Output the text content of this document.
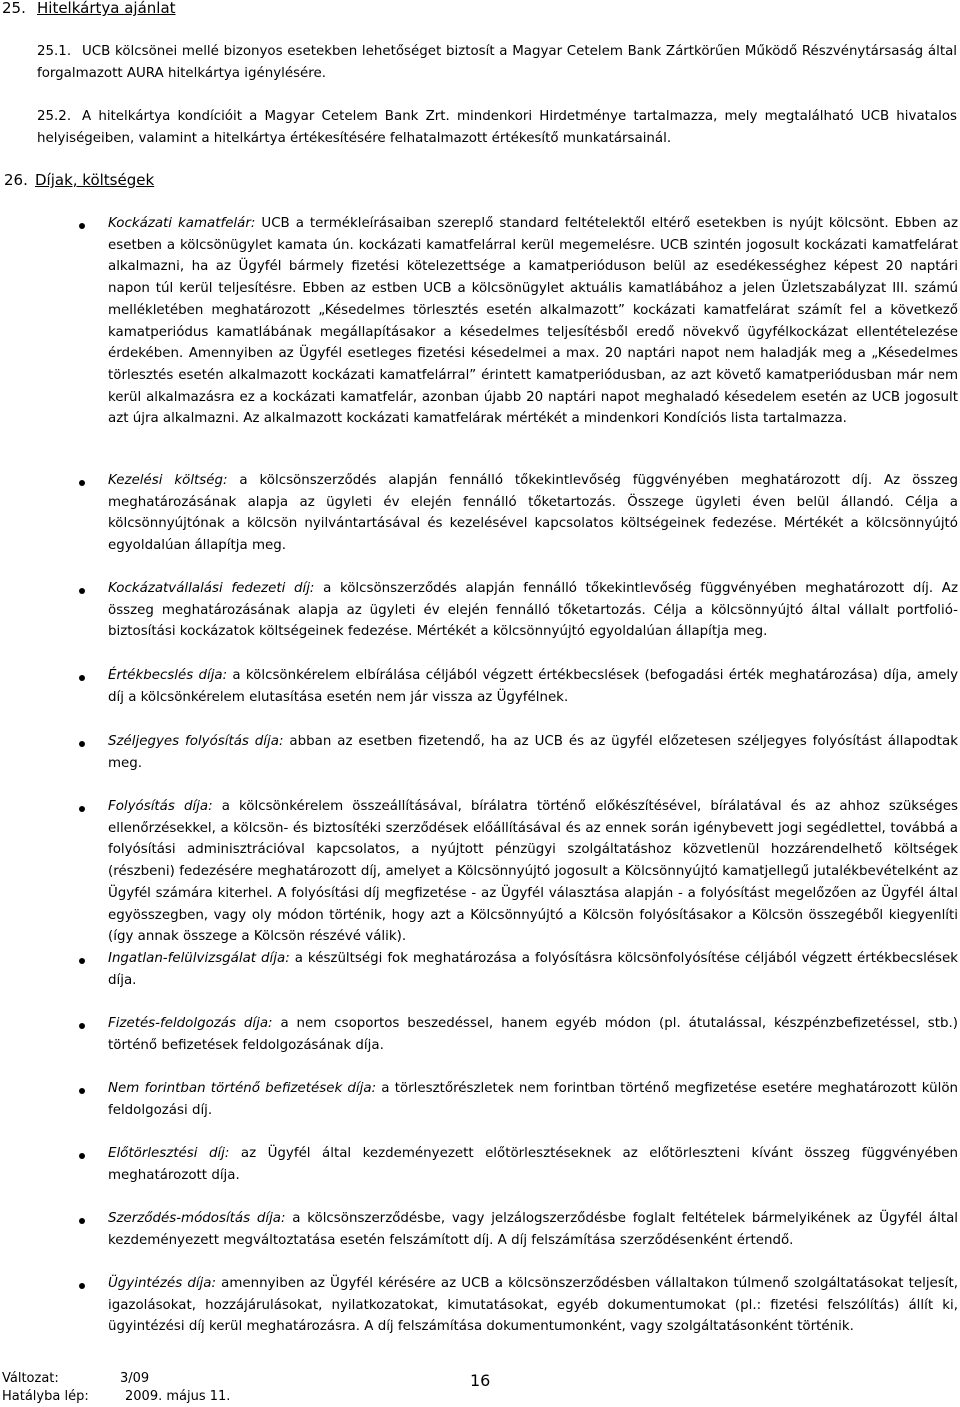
25. Hitelkártya ajánlat
25.1. UCB kölcsönei mellé bizonyos esetekben lehetőséget biztosít a Magyar Cetelem Bank Zártkörűen Működő Részvénytársaság által forgalmazott AURA hitelkártya igénylésére.
25.2. A hitelkártya kondícióit a Magyar Cetelem Bank Zrt. mindenkori Hirdetménye tartalmazza, mely megtalálható UCB hivatalos helyiségeiben, valamint a hitelkártya értékesítésére felhatalmazott értékesítő munkatársainál.
26. Díjak, költségek
Kockázati kamatfelár: UCB a termékleírásaiban szereplő standard feltételektől eltérő esetekben is nyújt kölcsönt. Ebben az esetben a kölcsönügylet kamata ún. kockázati kamatfelárral kerül megemelésre. UCB szintén jogosult kockázati kamatfelárat alkalmazni, ha az Ügyfél bármely fizetési kötelezettsége a kamatperióduson belül az esedékességhez képest 20 naptári napon túl kerül teljesítésre. Ebben az estben UCB a kölcsönügylet aktuális kamatlábához a jelen Üzletszabályzat III. számú mellékletében meghatározott „Késedelmes törlesztés esetén alkalmazott” kockázati kamatfelárat számít fel a következő kamatperiódus kamatlábának megállapításakor a késedelmes teljesítésből eredő növekvő ügyfélkockázat ellentételezése érdekében. Amennyiben az Ügyfél esetleges fizetési késedelmei a max. 20 naptári napot nem haladják meg a „Késedelmes törlesztés esetén alkalmazott kockázati kamatfelárral” érintett kamatperiódusban, az azt követő kamatperiódusban már nem kerül alkalmazásra ez a kockázati kamatfelár, azonban újabb 20 naptári napot meghaladó késedelem esetén az UCB jogosult azt újra alkalmazni. Az alkalmazott kockázati kamatfelárak mértékét a mindenkori Kondíciós lista tartalmazza.
Kezelési költség: a kölcsönszerződés alapján fennálló tőkekintlevőség függvényében meghatározott díj. Az összeg meghatározásának alapja az ügyleti év elején fennálló tőketartozás. Összege ügyleti éven belül állandó. Célja a kölcsönnyújtónak a kölcsön nyilvántartásával és kezelésével kapcsolatos költségeinek fedezése. Mértékét a kölcsönnyújtó egyoldalúan állapítja meg.
Kockázatvállalási fedezeti díj: a kölcsönszerződés alapján fennálló tőkekintlevőség függvényében meghatározott díj. Az összeg meghatározásának alapja az ügyleti év elején fennálló tőketartozás. Célja a kölcsönnyújtó által vállalt portfolió-biztosítási kockázatok költségeinek fedezése. Mértékét a kölcsönnyújtó egyoldalúan állapítja meg.
Értékbecslés díja: a kölcsönkérelem elbírálása céljából végzett értékbecslések (befogadási érték meghatározása) díja, amely díj a kölcsönkérelem elutasítása esetén nem jár vissza az Ügyfélnek.
Széljegyes folyósítás díja: abban az esetben fizetendő, ha az UCB és az ügyfél előzetesen széljegyes folyósítást állapodtak meg.
Folyósítás díja: a kölcsönkérelem összeállításával, bírálatra történő előkészítésével, bírálatával és az ahhoz szükséges ellenőrzésekkel, a kölcsön- és biztosítéki szerződések előállításával és az ennek során igénybevett jogi segédlettel, továbbá a folyósítási adminisztrációval kapcsolatos, a nyújtott pénzügyi szolgáltatáshoz közvetlenül hozzárendelhető költségek (részbeni) fedezésére meghatározott díj, amelyet a Kölcsönnyújtó jogosult a Kölcsönnyújtó kamatjellegű jutalékbevételként az Ügyfél számára kiterhel. A folyósítási díj megfizetése - az Ügyfél választása alapján - a folyósítást megelőzően az Ügyfél által egyösszegben, vagy oly módon történik, hogy azt a Kölcsönnyújtó a Kölcsön folyósításakor a Kölcsön összegéből kiegyenlíti (így annak összege a Kölcsön részévé válik).
Ingatlan-felülvizsgálat díja: a készültségi fok meghatározása a folyósításra kölcsönfolyósítése céljából végzett értékbecslések díja.
Fizetés-feldolgozás díja: a nem csoportos beszedéssel, hanem egyéb módon (pl. átutalással, készpénzbefizetéssel, stb.) történő befizetések feldolgozásának díja.
Nem forintban történő befizetések díja: a törlesztőrészletek nem forintban történő megfizetése esetére meghatározott külön feldolgozási díj.
Előtörlesztési díj: az Ügyfél által kezdeményezett előtörlesztéseknek az előtörleszteni kívánt összeg függvényében meghatározott díja.
Szerződés-módosítás díja: a kölcsönszerződésbe, vagy jelzálogszerződésbe foglalt feltételek bármelyikének az Ügyfél által kezdeményezett megváltoztatása esetén felszámított díj. A díj felszámítása szerződésenként értendő.
Ügyintézés díja: amennyiben az Ügyfél kérésére az UCB a kölcsönszerződésben vállaltakon túlmenő szolgáltatásokat teljesít, igazolásokat, hozzájárulásokat, nyilatkozatokat, kimutatásokat, egyéb dokumentumokat (pl.: fizetési felszólítás) állít ki, ügyintézési díj kerül meghatározásra. A díj felszámítása dokumentumonként, vagy szolgáltatásonként történik.
Változat:	3/09
Hatályba lép:	2009. május 11.
16
